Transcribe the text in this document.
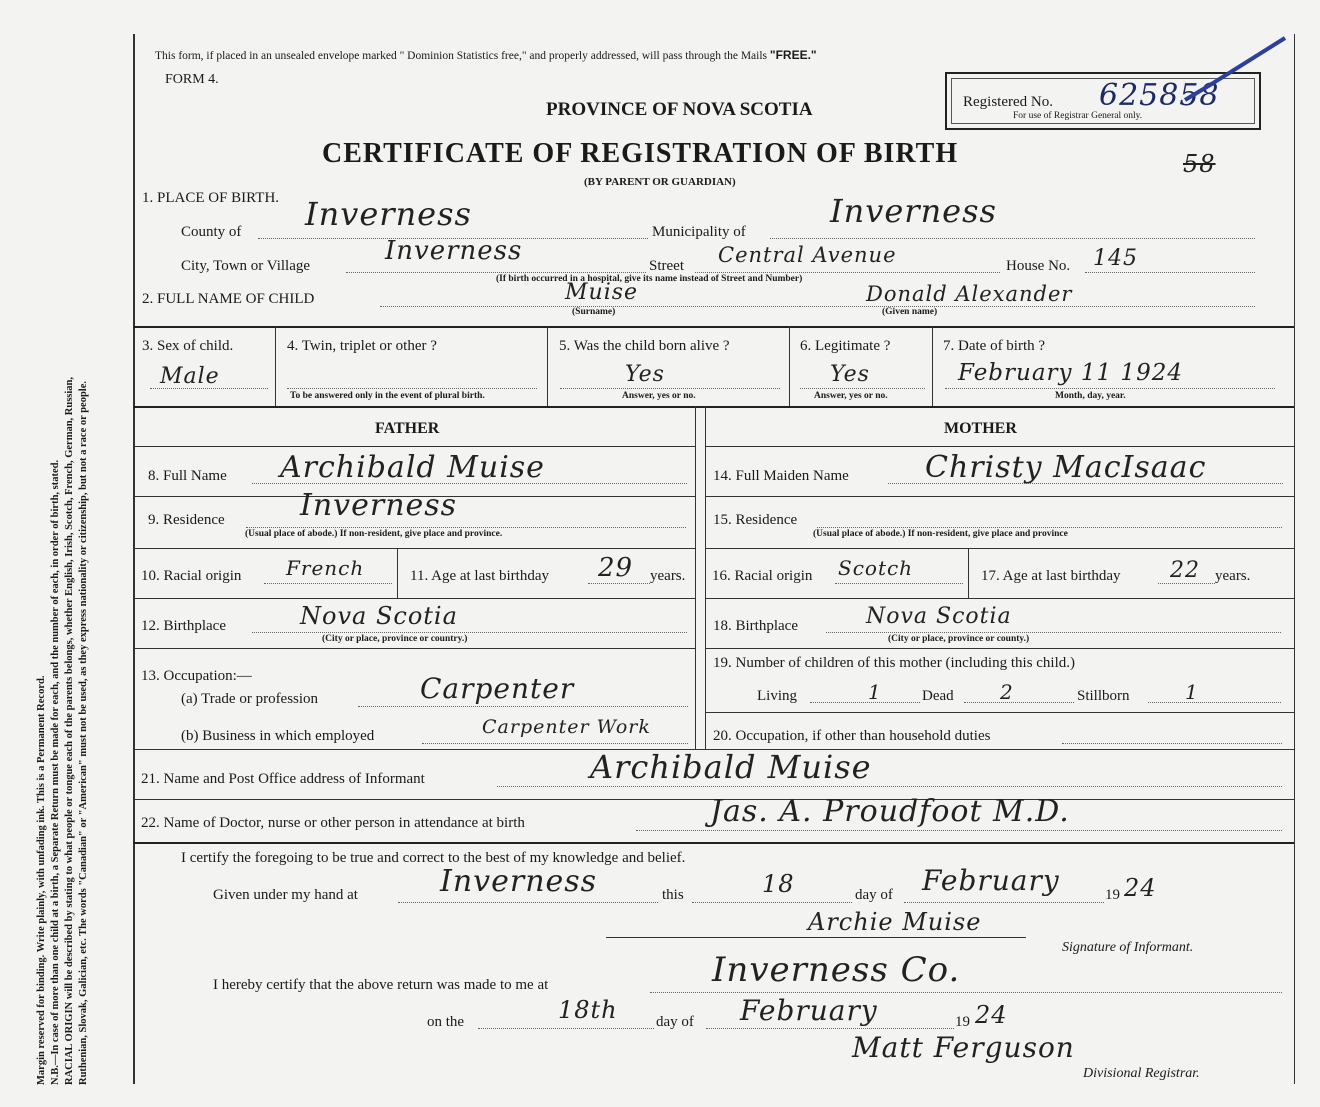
Margin reserved for binding. Write plainly, with unfading ink. This is a Permanent Record. N.B.—In case of more than one child at a birth, a Separate Return must be made for each, and the number of each, in order of birth, stated. RACIAL ORIGIN will be described by stating to what people or tongue each of the parents belongs, whether English, Irish, Scotch, French, German, Russian, Ruthenian, Slovak, Galician, etc. The words "Canadian" or "American" must not be used, as they express nationality or citizenship, but not a race or people.
This form, if placed in an unsealed envelope marked " Dominion Statistics free," and properly addressed, will pass through the Mails "FREE."
FORM 4.
PROVINCE OF NOVA SCOTIA
CERTIFICATE OF REGISTRATION OF BIRTH
(BY PARENT OR GUARDIAN)
Registered No. 625858
For use of Registrar General only.
58
1. PLACE OF BIRTH.
County of Inverness	Municipality of
Inverness
City, Town or Village	Inverness	Street Central Avenue	House No. 145
(If birth occurred in a hospital, give its name instead of Street and Number)
2. FULL NAME OF CHILD	Muise
(Surname)
Donald Alexander
(Given name)
3. Sex of child.
Male
4. Twin, triplet or other ?
To be answered only in the event of plural birth.
5. Was the child born alive ?
Yes
Answer, yes or no.
6. Legitimate ?
Yes
Answer, yes or no.
7. Date of birth ?
February 11 1924
Month, day, year.
FATHER	MOTHER
8. Full Name Archibald Muise	14. Full Maiden Name	Christy MacIsaac
9. Residence	Inverness
(Usual place of abode.) If non-resident, give place and province.
15. Residence
(Usual place of abode.) If non-resident, give place and province
10. Racial origin French	11. Age at last birthday 29 years. 16. Racial origin Scotch	17. Age at last birthday 22 years.
12. Birthplace	Nova Scotia
(City or place, province or country.)
18. Birthplace	Nova Scotia
(City or place, province or county.)
13. Occupation:—
(a) Trade or profession	Carpenter
(b) Business in which employed	Carpenter Work
19. Number of children of this mother (including this child.)
Living	1	Dead 2	Stillborn	1
20. Occupation, if other than household duties
21. Name and Post Office address of Informant	Archibald Muise
22. Name of Doctor, nurse or other person in attendance at birth	Jas. A. Proudfoot M.D.
I certify the foregoing to be true and correct to the best of my knowledge and belief.
Given under my hand at	Inverness	this	18	day of February	19 24
Archie Muise
Signature of Informant.
I hereby certify that the above return was made to me at	Inverness Co.
on the	18th	day of February	19 24
Matt Ferguson
Divisional Registrar.
